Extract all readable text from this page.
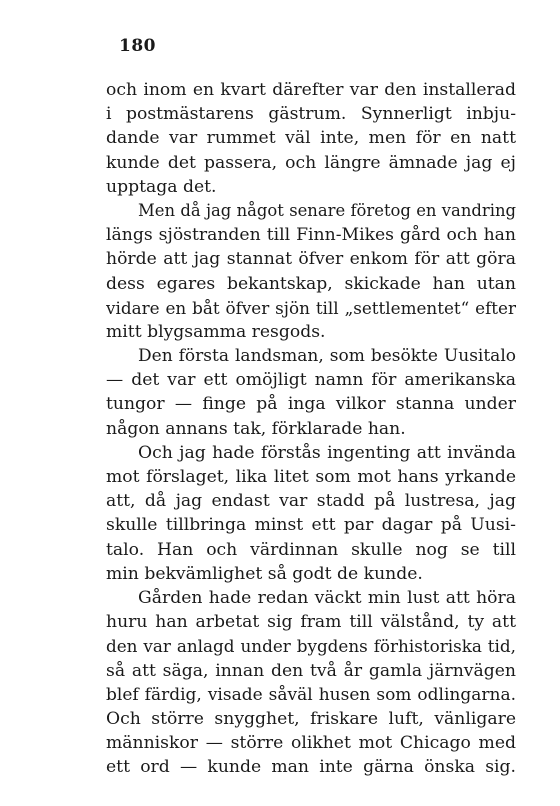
180
och inom en kvart därefter var den installerad
i postmästarens gästrum. Synnerligt inbju-
dande var rummet väl inte, men för en natt
kunde det passera, och längre ämnade jag ej
upptaga det.
Men då jag något senare företog en vandring
längs sjöstranden till Finn-Mikes gård och han
hörde att jag stannat öfver enkom för att göra
dess egares bekantskap, skickade han utan
vidare en båt öfver sjön till „settlementet“ efter
mitt blygsamma resgods.
Den första landsman, som besökte Uusitalo
— det var ett omöjligt namn för amerikanska
tungor — finge på inga vilkor stanna under
någon annans tak, förklarade han.
Och jag hade förstås ingenting att invända
mot förslaget, lika litet som mot hans yrkande
att, då jag endast var stadd på lustresa, jag
skulle tillbringa minst ett par dagar på Uusi-
talo. Han och värdinnan skulle nog se till
min bekvämlighet så godt de kunde.
Gården hade redan väckt min lust att höra
huru han arbetat sig fram till välstånd, ty att
den var anlagd under bygdens förhistoriska tid,
så att säga, innan den två år gamla järnvägen
blef färdig, visade såväl husen som odlingarna.
Och större snygghet, friskare luft, vänligare
människor — större olikhet mot Chicago med
ett ord — kunde man inte gärna önska sig.
